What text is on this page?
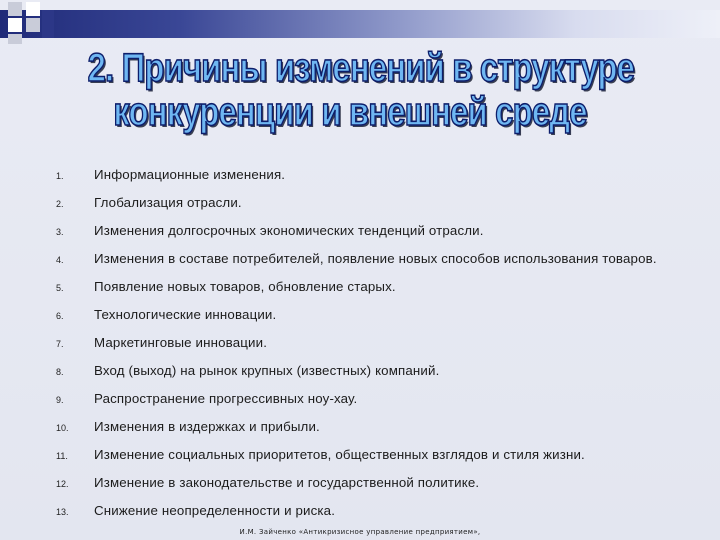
2. Причины изменений в структуре
конкуренции и внешней среде
1.	Информационные изменения.
2.	Глобализация отрасли.
3.	Изменения долгосрочных экономических тенденций отрасли.
4.	Изменения в составе потребителей, появление новых способов использования товаров.
5.	Появление новых товаров, обновление старых.
6.	Технологические инновации.
7.	Маркетинговые инновации.
8.	Вход (выход) на рынок крупных (известных) компаний.
9.	Распространение прогрессивных ноу-хау.
10.	Изменения в издержках и прибыли.
11.	Изменение социальных приоритетов, общественных взглядов и стиля жизни.
12.	Изменение в законодательстве и государственной политике.
13.	Снижение неопределенности и риска.
И.М. Зайченко «Антикризисное управление предприятием»,
